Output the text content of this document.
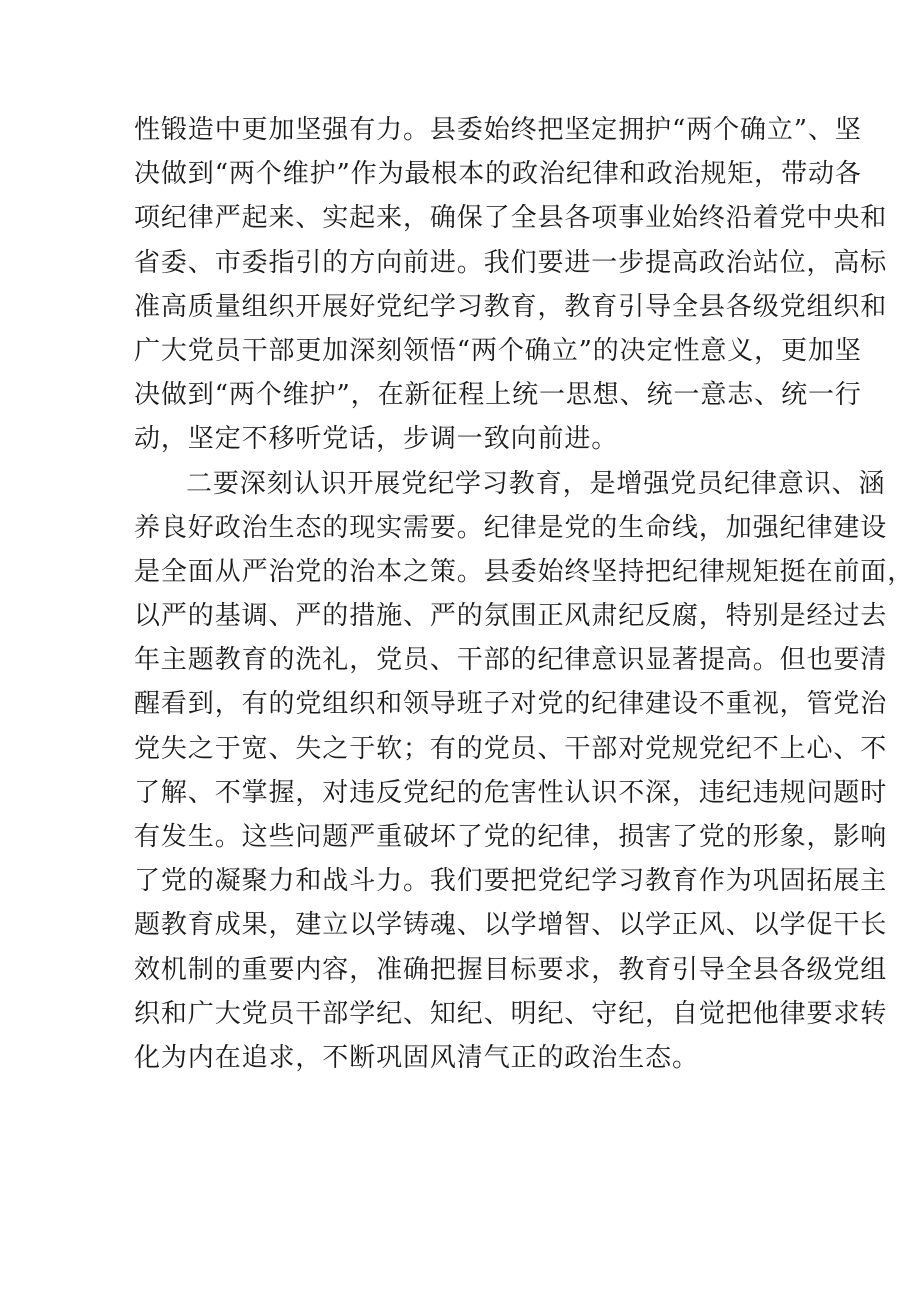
性锻造中更加坚强有力。县委始终把坚定拥护“两个确立”、坚
决做到“两个维护”作为最根本的政治纪律和政治规矩，带动各
项纪律严起来、实起来，确保了全县各项事业始终沿着党中央和
省委、市委指引的方向前进。我们要进一步提高政治站位，高标
准高质量组织开展好党纪学习教育，教育引导全县各级党组织和
广大党员干部更加深刻领悟“两个确立”的决定性意义，更加坚
决做到“两个维护”，在新征程上统一思想、统一意志、统一行
动，坚定不移听党话，步调一致向前进。
二要深刻认识开展党纪学习教育，是增强党员纪律意识、涵
养良好政治生态的现实需要。纪律是党的生命线，加强纪律建设
是全面从严治党的治本之策。县委始终坚持把纪律规矩挺在前面，
以严的基调、严的措施、严的氛围正风肃纪反腐，特别是经过去
年主题教育的洗礼，党员、干部的纪律意识显著提高。但也要清
醒看到，有的党组织和领导班子对党的纪律建设不重视，管党治
党失之于宽、失之于软；有的党员、干部对党规党纪不上心、不
了解、不掌握，对违反党纪的危害性认识不深，违纪违规问题时
有发生。这些问题严重破坏了党的纪律，损害了党的形象，影响
了党的凝聚力和战斗力。我们要把党纪学习教育作为巩固拓展主
题教育成果，建立以学铸魂、以学增智、以学正风、以学促干长
效机制的重要内容，准确把握目标要求，教育引导全县各级党组
织和广大党员干部学纪、知纪、明纪、守纪，自觉把他律要求转
化为内在追求，不断巩固风清气正的政治生态。
